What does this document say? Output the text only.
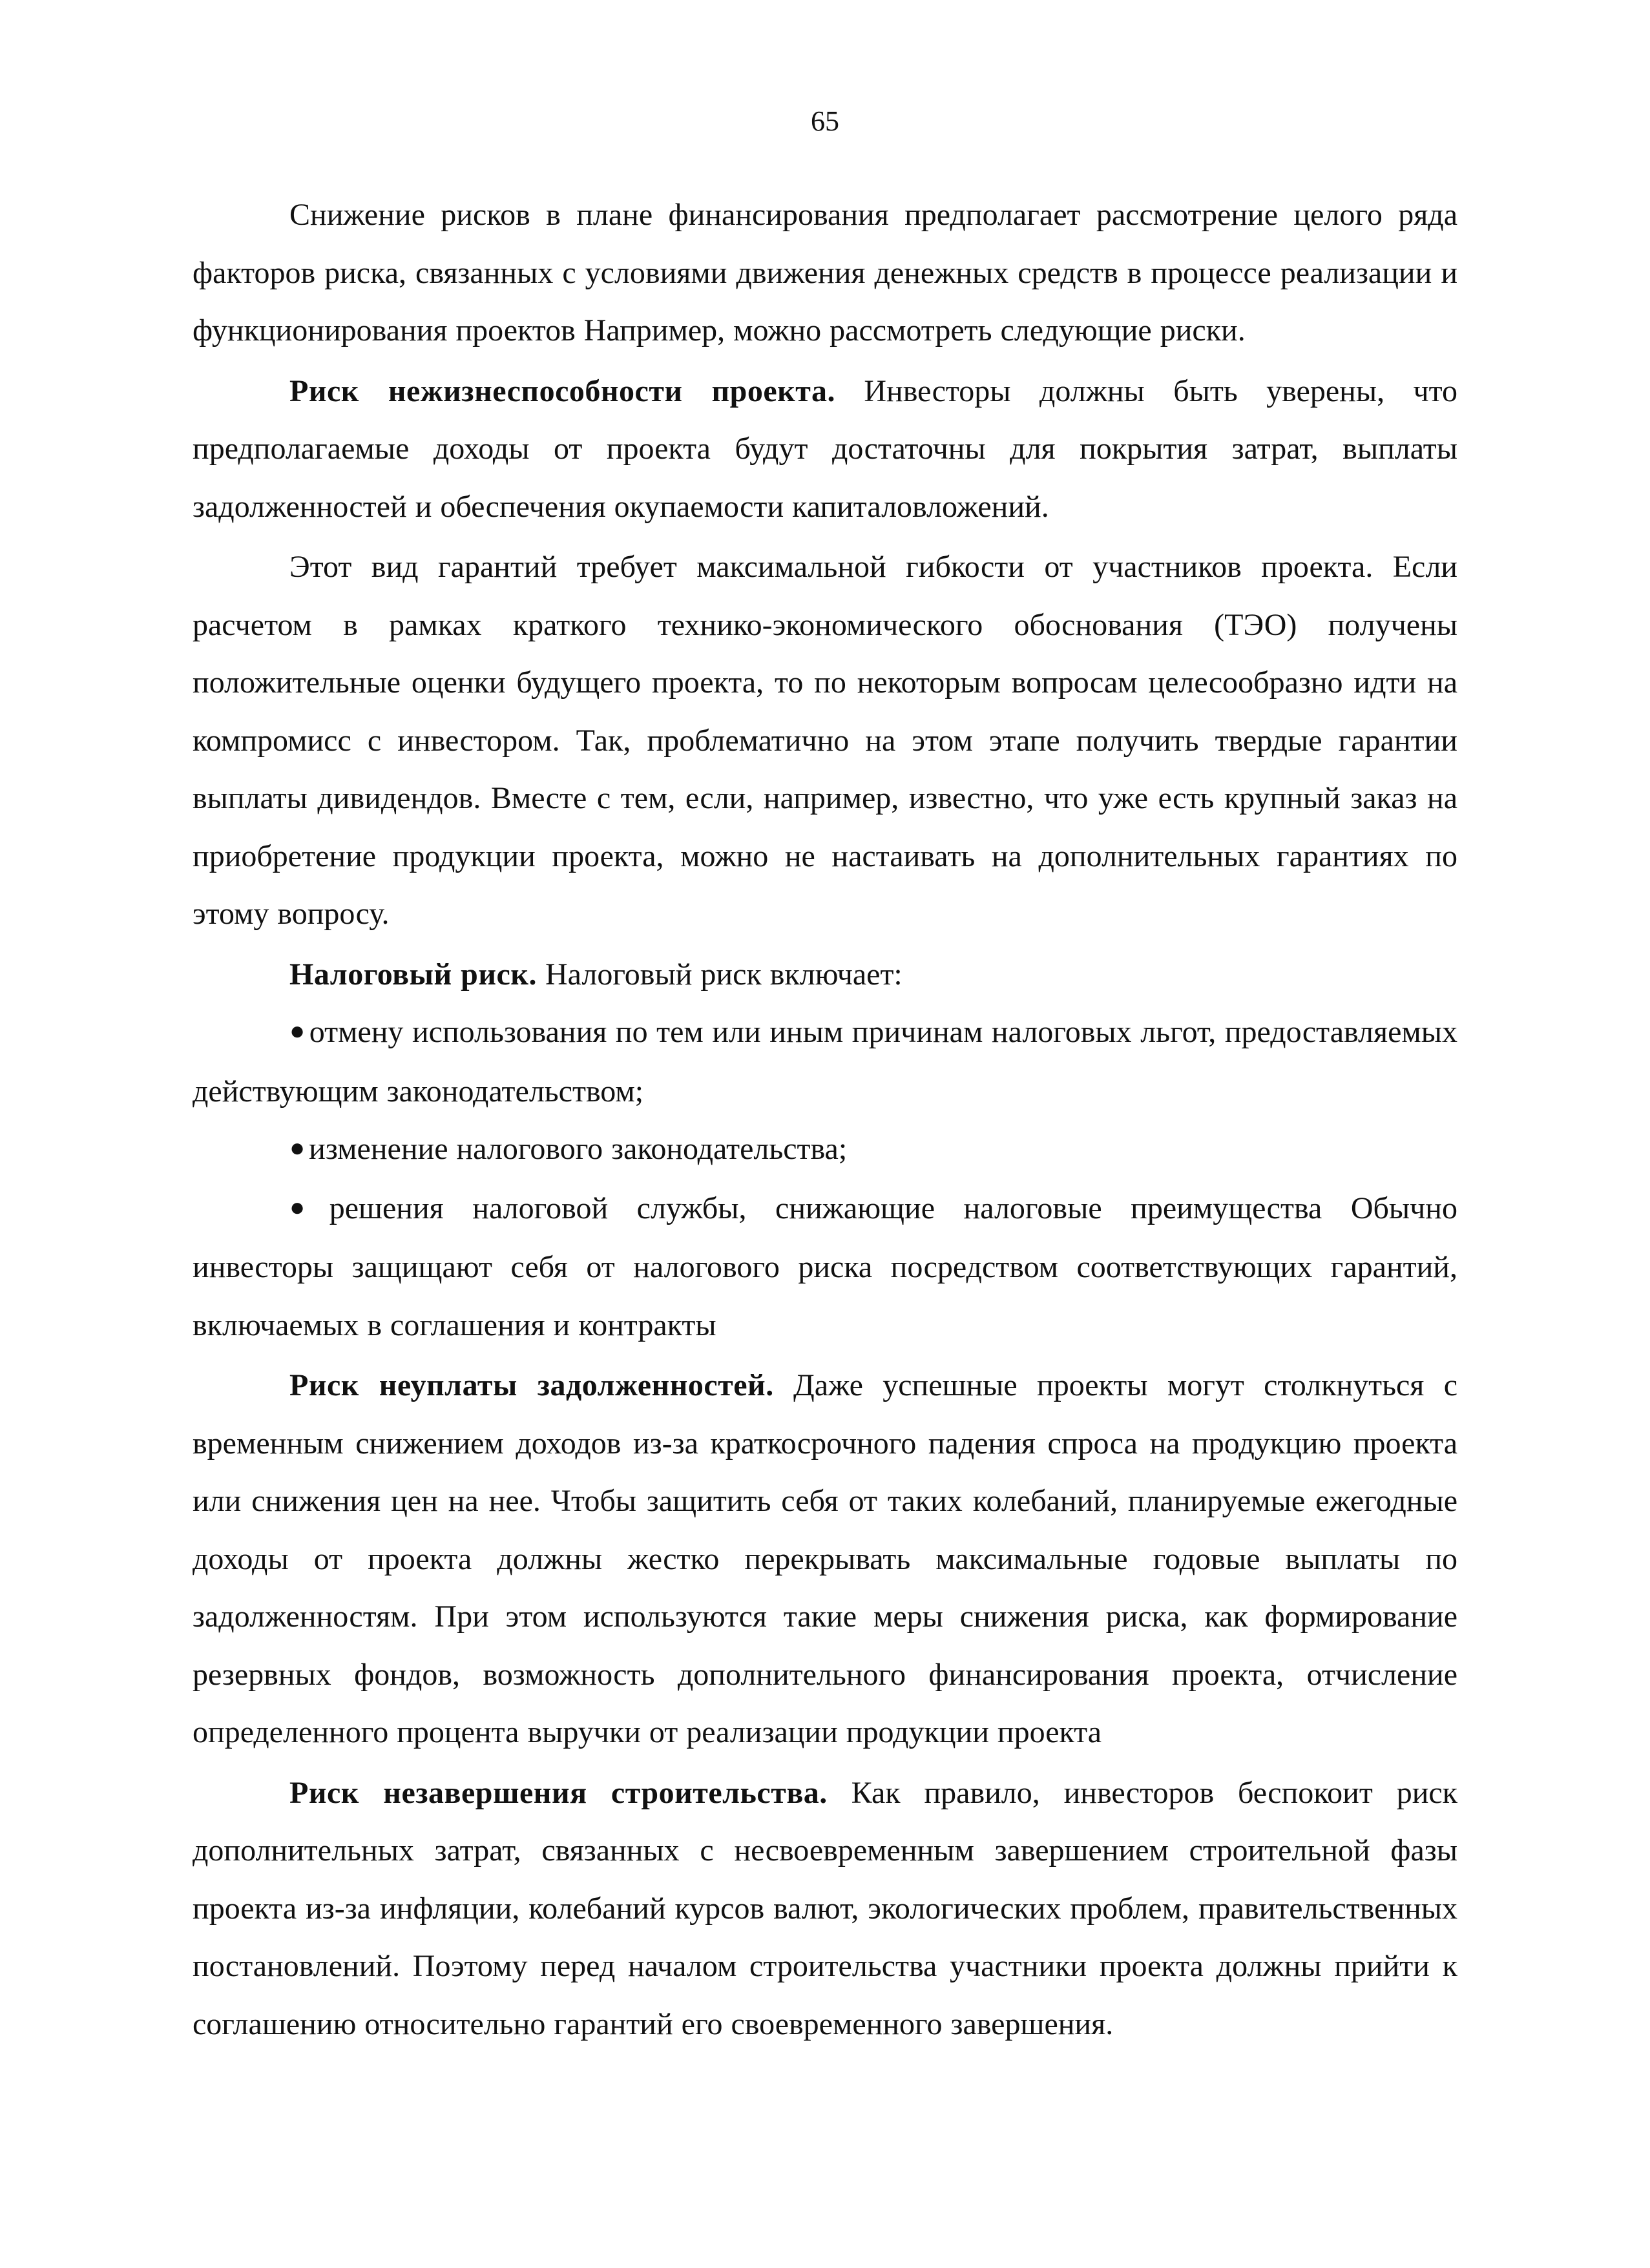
65

Снижение рисков в плане финансирования предполагает рассмотрение целого ряда факторов риска, связанных с условиями движения денежных средств в процессе реализации и функционирования проектов Например, можно рассмотреть следующие риски.

Риск нежизнеспособности проекта. Инвесторы должны быть уверены, что предполагаемые доходы от проекта будут достаточны для покрытия затрат, выплаты задолженностей и обеспечения окупаемости капиталовложений.

Этот вид гарантий требует максимальной гибкости от участников проекта. Если расчетом в рамках краткого технико-экономического обоснования (ТЭО) получены положительные оценки будущего проекта, то по некоторым вопросам целесообразно идти на компромисс с инвестором. Так, проблематично на этом этапе получить твердые гарантии выплаты дивидендов. Вместе с тем, если, например, известно, что уже есть крупный заказ на приобретение продукции проекта, можно не настаивать на дополнительных гарантиях по этому вопросу.

Налоговый риск. Налоговый риск включает:

● отмену использования по тем или иным причинам налоговых льгот, предоставляемых действующим законодательством;

● изменение налогового законодательства;

● решения налоговой службы, снижающие налоговые преимущества Обычно инвесторы защищают себя от налогового риска посредством соответствующих гарантий, включаемых в соглашения и контракты

Риск неуплаты задолженностей. Даже успешные проекты могут столкнуться с временным снижением доходов из-за краткосрочного падения спроса на продукцию проекта или снижения цен на нее. Чтобы защитить себя от таких колебаний, планируемые ежегодные доходы от проекта должны жестко перекрывать максимальные годовые выплаты по задолженностям. При этом используются такие меры снижения риска, как формирование резервных фондов, возможность дополнительного финансирования проекта, отчисление определенного процента выручки от реализации продукции проекта

Риск незавершения строительства. Как правило, инвесторов беспокоит риск дополнительных затрат, связанных с несвоевременным завершением строительной фазы проекта из-за инфляции, колебаний курсов валют, экологических проблем, правительственных постановлений. Поэтому перед началом строительства участники проекта должны прийти к соглашению относительно гарантий его своевременного завершения.
